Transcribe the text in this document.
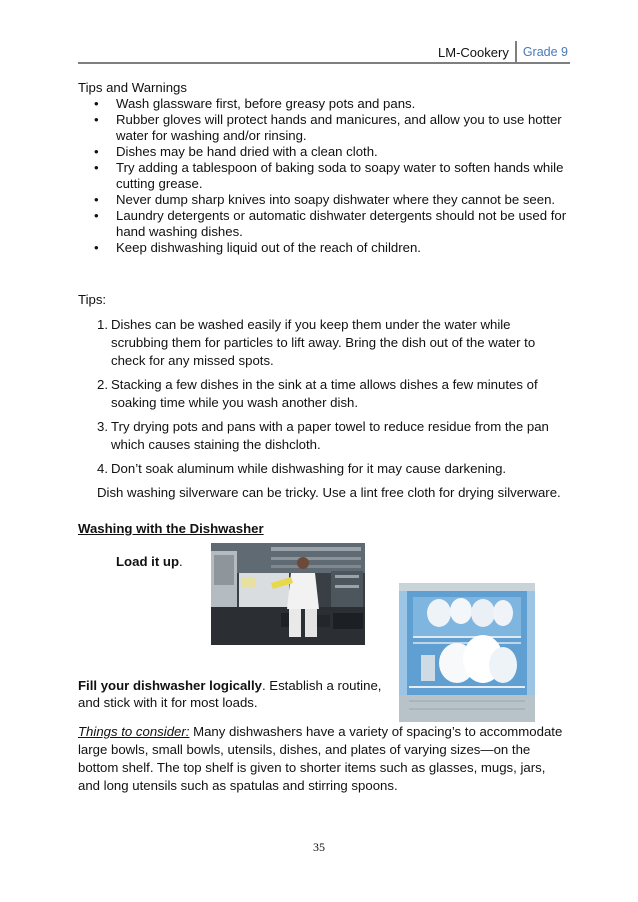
LM-Cookery	Grade 9
Tips and Warnings
• Wash glassware first, before greasy pots and pans.
• Rubber gloves will protect hands and manicures, and allow you to use hotter water for washing and/or rinsing.
• Dishes may be hand dried with a clean cloth.
• Try adding a tablespoon of baking soda to soapy water to soften hands while cutting grease.
• Never dump sharp knives into soapy dishwater where they cannot be seen.
• Laundry detergents or automatic dishwater detergents should not be used for hand washing dishes.
• Keep dishwashing liquid out of the reach of children.
Tips:
1. Dishes can be washed easily if you keep them under the water while scrubbing them for particles to lift away. Bring the dish out of the water to check for any missed spots.
2. Stacking a few dishes in the sink at a time allows dishes a few minutes of soaking time while you wash another dish.
3. Try drying pots and pans with a paper towel to reduce residue from the pan which causes staining the dishcloth.
4. Don’t soak aluminum while dishwashing for it may cause darkening.
Dish washing silverware can be tricky. Use a lint free cloth for drying silverware.
Washing with the Dishwasher
Load it up.
Fill your dishwasher logically. Establish a routine, and stick with it for most loads.
Things to consider: Many dishwashers have a variety of spacing’s to accommodate large bowls, small bowls, utensils, dishes, and plates of varying sizes—on the bottom shelf. The top shelf is given to shorter items such as glasses, mugs, jars, and long utensils such as spatulas and stirring spoons.
35
